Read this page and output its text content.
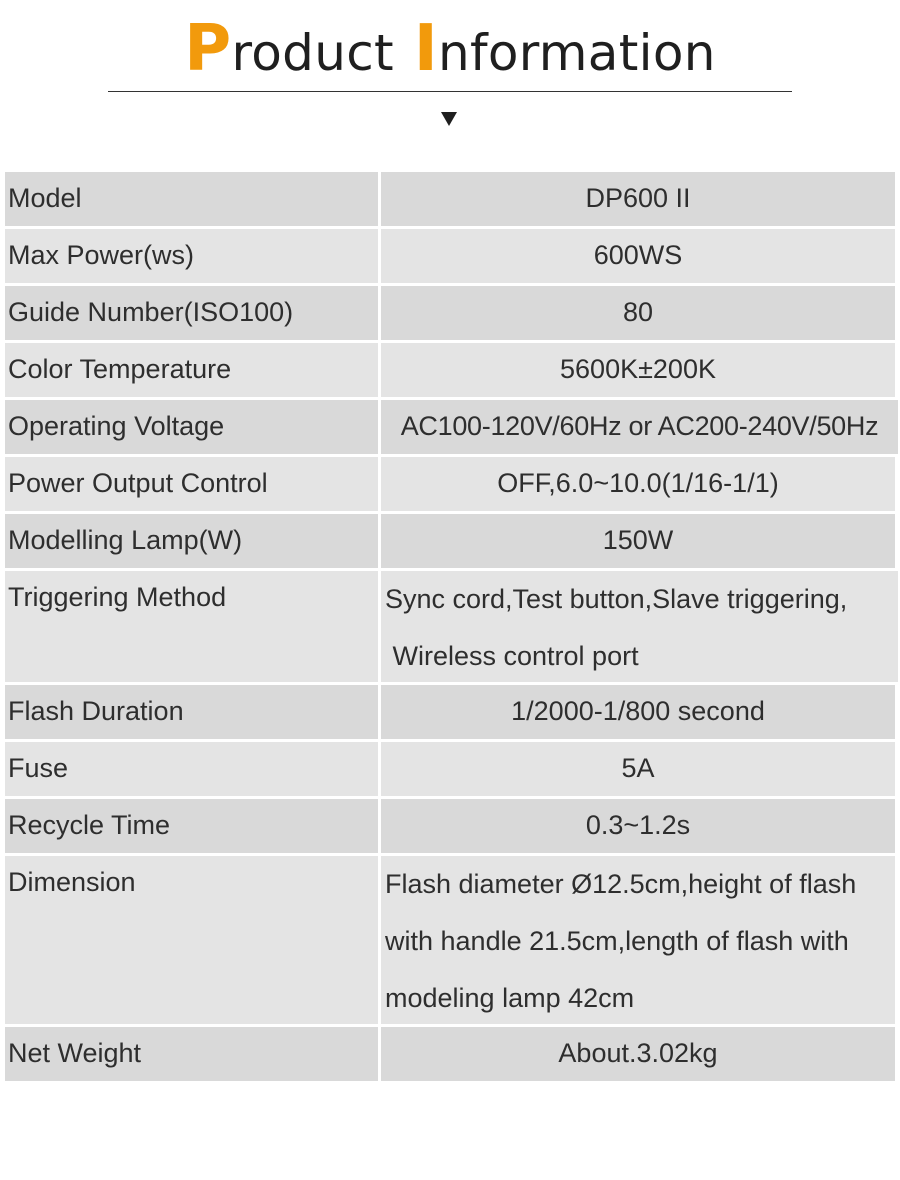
Product Information
Model	DP600 II
Max Power(ws)	600WS
Guide Number(ISO100)	80
Color Temperature	5600K±200K
Operating Voltage	AC100-120V/60Hz or AC200-240V/50Hz
Power Output Control	OFF,6.0~10.0(1/16-1/1)
Modelling Lamp(W)	150W
Triggering Method	Sync cord,Test button,Slave triggering,
Wireless control port
Flash Duration	1/2000-1/800 second
Fuse	5A
Recycle Time	0.3~1.2s
Dimension	Flash diameter Ø12.5cm,height of flash
with handle 21.5cm,length of flash with
modeling lamp 42cm
Net Weight	About.3.02kg
